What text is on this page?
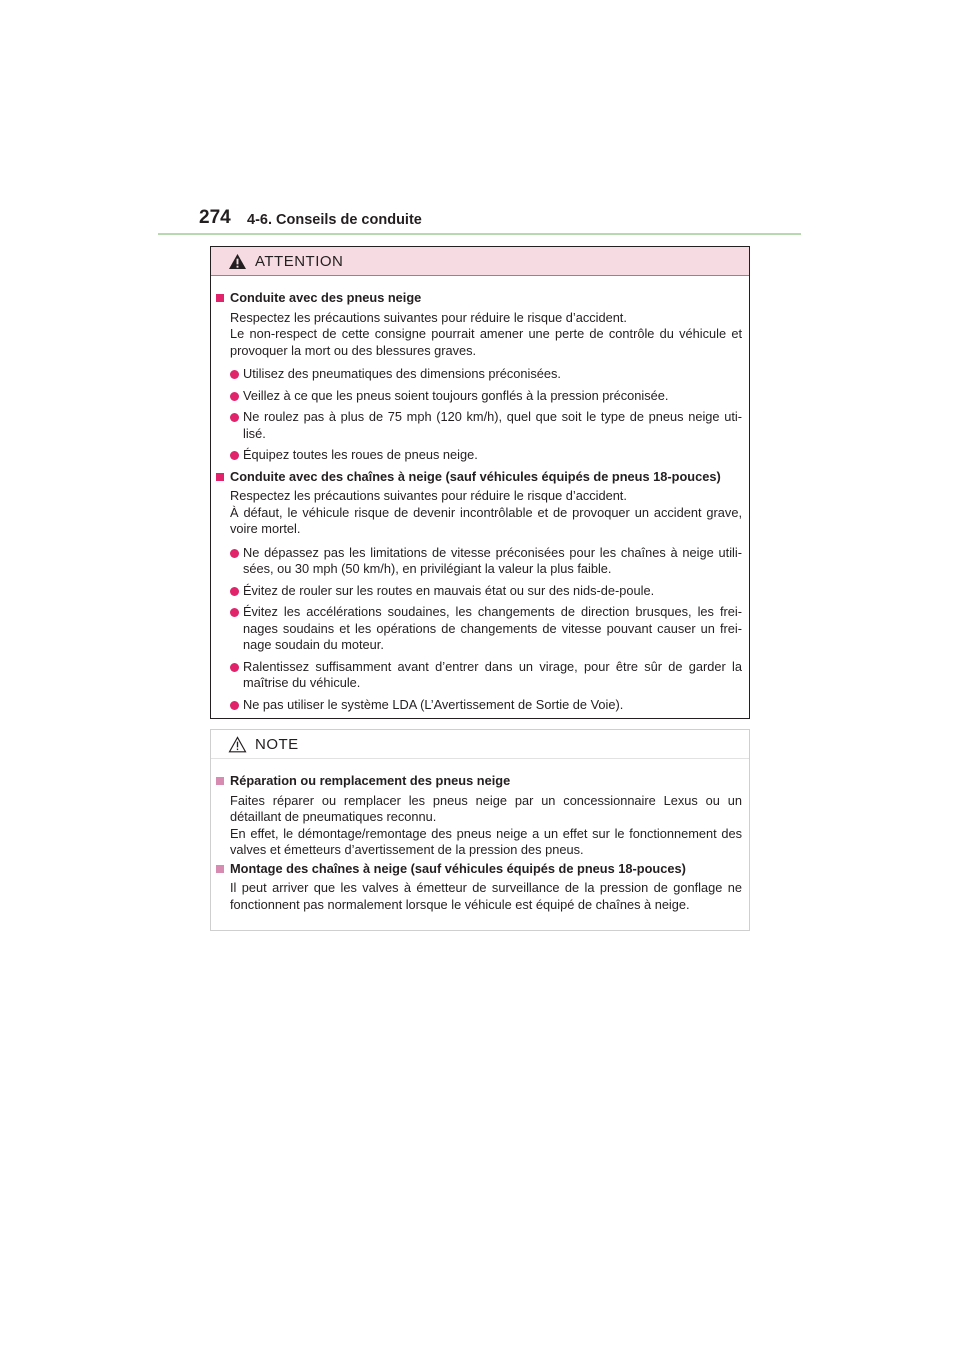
274 4-6. Conseils de conduite
ATTENTION
Conduite avec des pneus neige

Respectez les précautions suivantes pour réduire le risque d’accident.

Le non-respect de cette consigne pourrait amener une perte de contrôle du véhicule et provoquer la mort ou des blessures graves.

Utilisez des pneumatiques des dimensions préconisées.
Veillez à ce que les pneus soient toujours gonflés à la pression préconisée.
Ne roulez pas à plus de 75 mph (120 km/h), quel que soit le type de pneus neige uti-lisé.
Équipez toutes les roues de pneus neige.
Conduite avec des chaînes à neige (sauf véhicules équipés de pneus 18-pouces)

Respectez les précautions suivantes pour réduire le risque d’accident.

À défaut, le véhicule risque de devenir incontrôlable et de provoquer un accident grave, voire mortel.

Ne dépassez pas les limitations de vitesse préconisées pour les chaînes à neige utili-sées, ou 30 mph (50 km/h), en privilégiant la valeur la plus faible.
Évitez de rouler sur les routes en mauvais état ou sur des nids-de-poule.
Évitez les accélérations soudaines, les changements de direction brusques, les frei-nages soudains et les opérations de changements de vitesse pouvant causer un frei-nage soudain du moteur.
Ralentissez suffisamment avant d’entrer dans un virage, pour être sûr de garder la maîtrise du véhicule.
Ne pas utiliser le système LDA (L’Avertissement de Sortie de Voie).
NOTE
Réparation ou remplacement des pneus neige

Faites réparer ou remplacer les pneus neige par un concessionnaire Lexus ou un détaillant de pneumatiques reconnu.

En effet, le démontage/remontage des pneus neige a un effet sur le fonctionnement des valves et émetteurs d’avertissement de la pression des pneus.

Montage des chaînes à neige (sauf véhicules équipés de pneus 18-pouces)

Il peut arriver que les valves à émetteur de surveillance de la pression de gonflage ne fonctionnent pas normalement lorsque le véhicule est équipé de chaînes à neige.
